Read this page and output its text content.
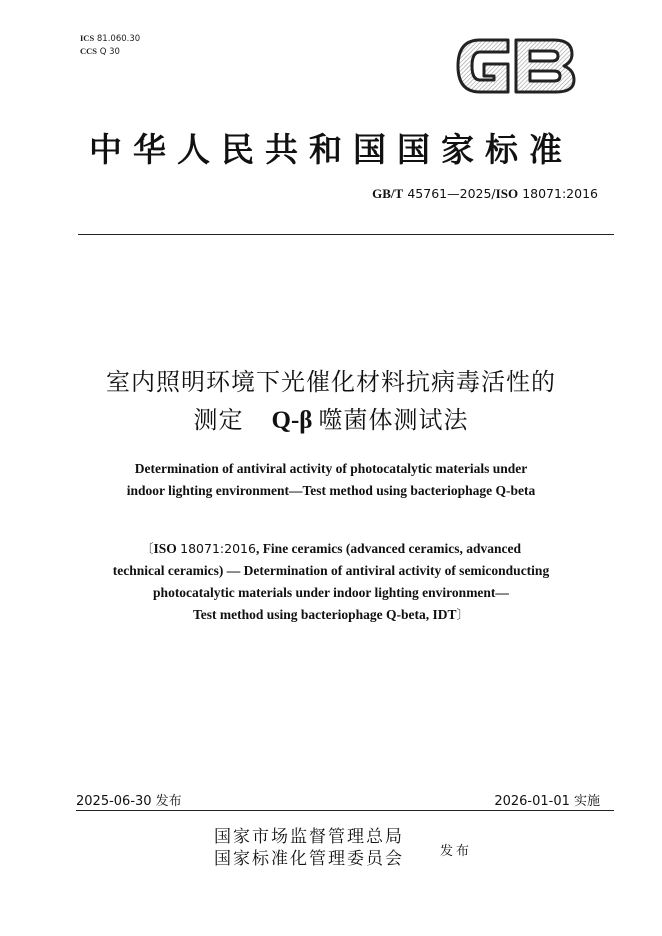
ICS 81.060.30
CCS Q 30
中华人民共和国国家标准
GB/T 45761—2025/ISO 18071:2016
室内照明环境下光催化材料抗病毒活性的
测定 Q-β 噬菌体测试法
Determination of antiviral activity of photocatalytic materials under
indoor lighting environment—Test method using bacteriophage Q-beta
〔ISO 18071:2016, Fine ceramics (advanced ceramics, advanced
technical ceramics) — Determination of antiviral activity of semiconducting
photocatalytic materials under indoor lighting environment—
Test method using bacteriophage Q-beta, IDT〕
2025-06-30 发布	2026-01-01 实施
国家市场监督管理总局
国家标准化管理委员会	发布
